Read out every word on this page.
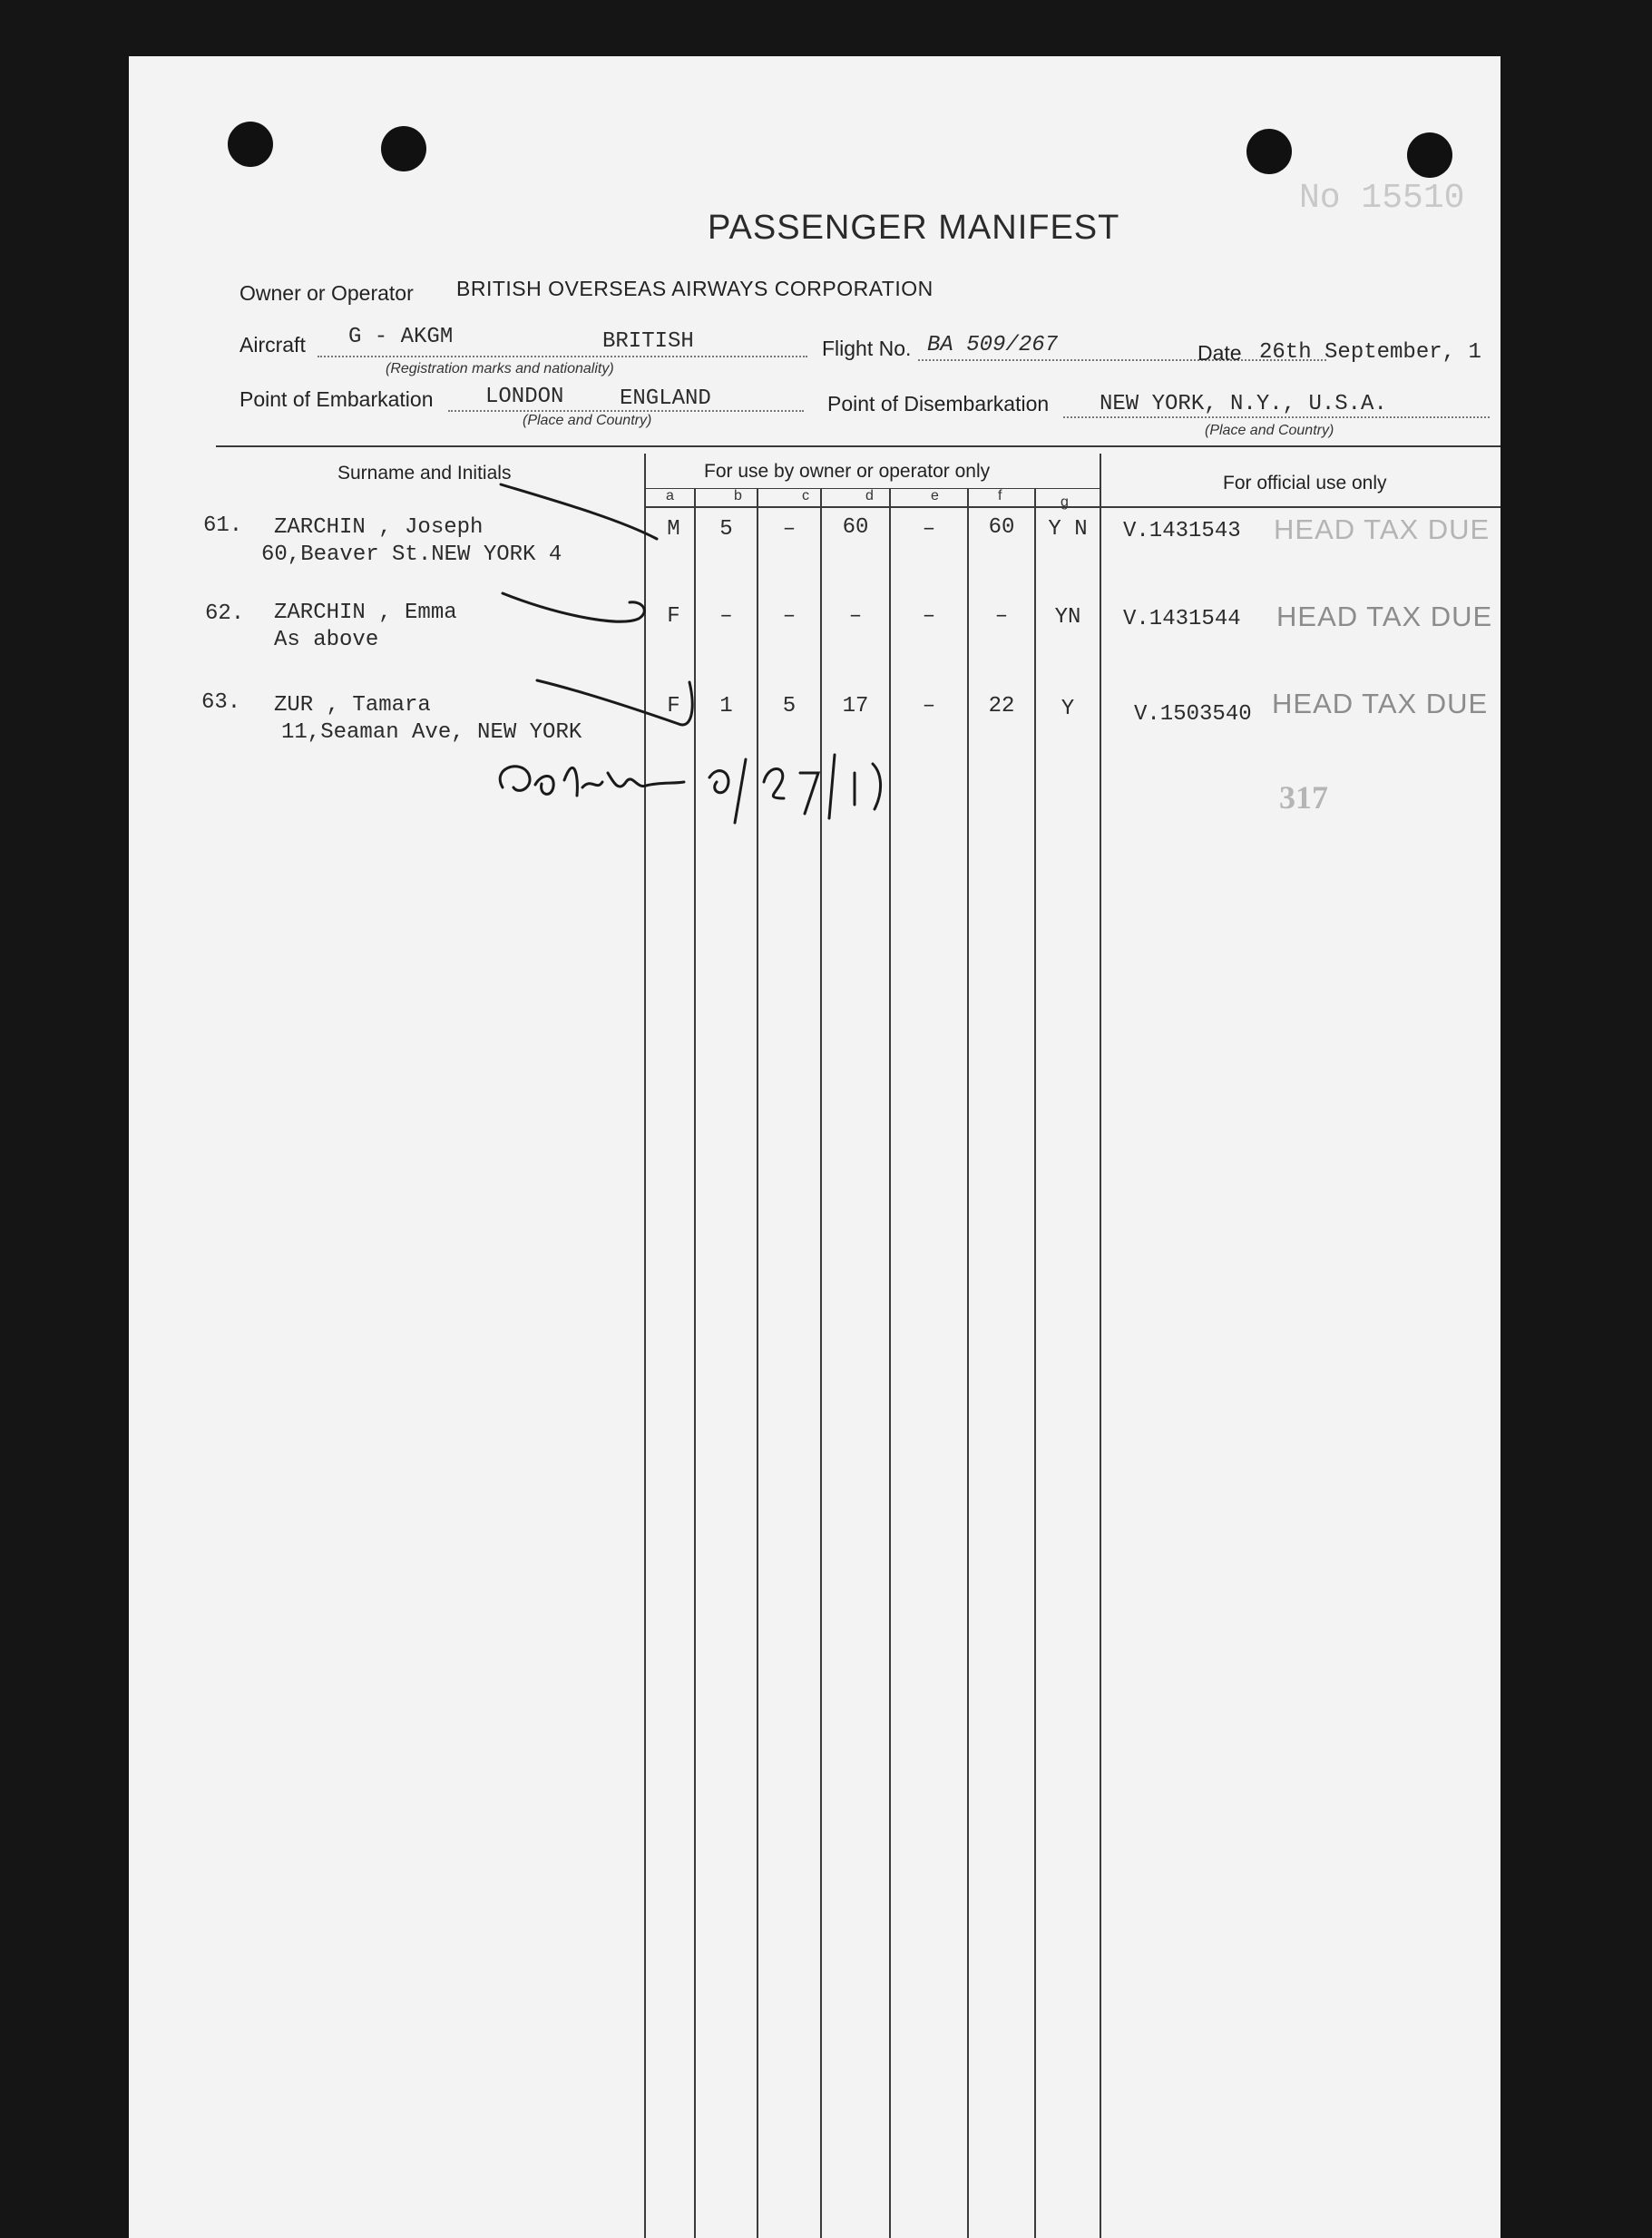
No 15510
PASSENGER MANIFEST
Owner or Operator BRITISH OVERSEAS AIRWAYS CORPORATION
Aircraft G - AKGM	BRITISH
(Registration marks and nationality)
Flight No. BA 509/267	Date 26th September, 1
Point of Embarkation LONDON	ENGLAND
(Place and Country)
Point of Disembarkation NEW YORK, N.Y., U.S.A.
(Place and Country)
Surname and Initials	For use by owner or operator only
For official use only
a	b	c	d	e	f	g
61. ZARCHIN , Joseph
60,Beaver St.NEW YORK 4
M	5	–	60	–	60	Y N	V.1431543 HEAD TAX DUE
62. ZARCHIN , Emma
As above
F	–	–	–	–	–	YN	V.1431544 HEAD TAX DUE
63. ZUR , Tamara
11,Seaman Ave, NEW YORK
F	1	5	17	–	22	Y	V.1503540 HEAD TAX DUE
317
